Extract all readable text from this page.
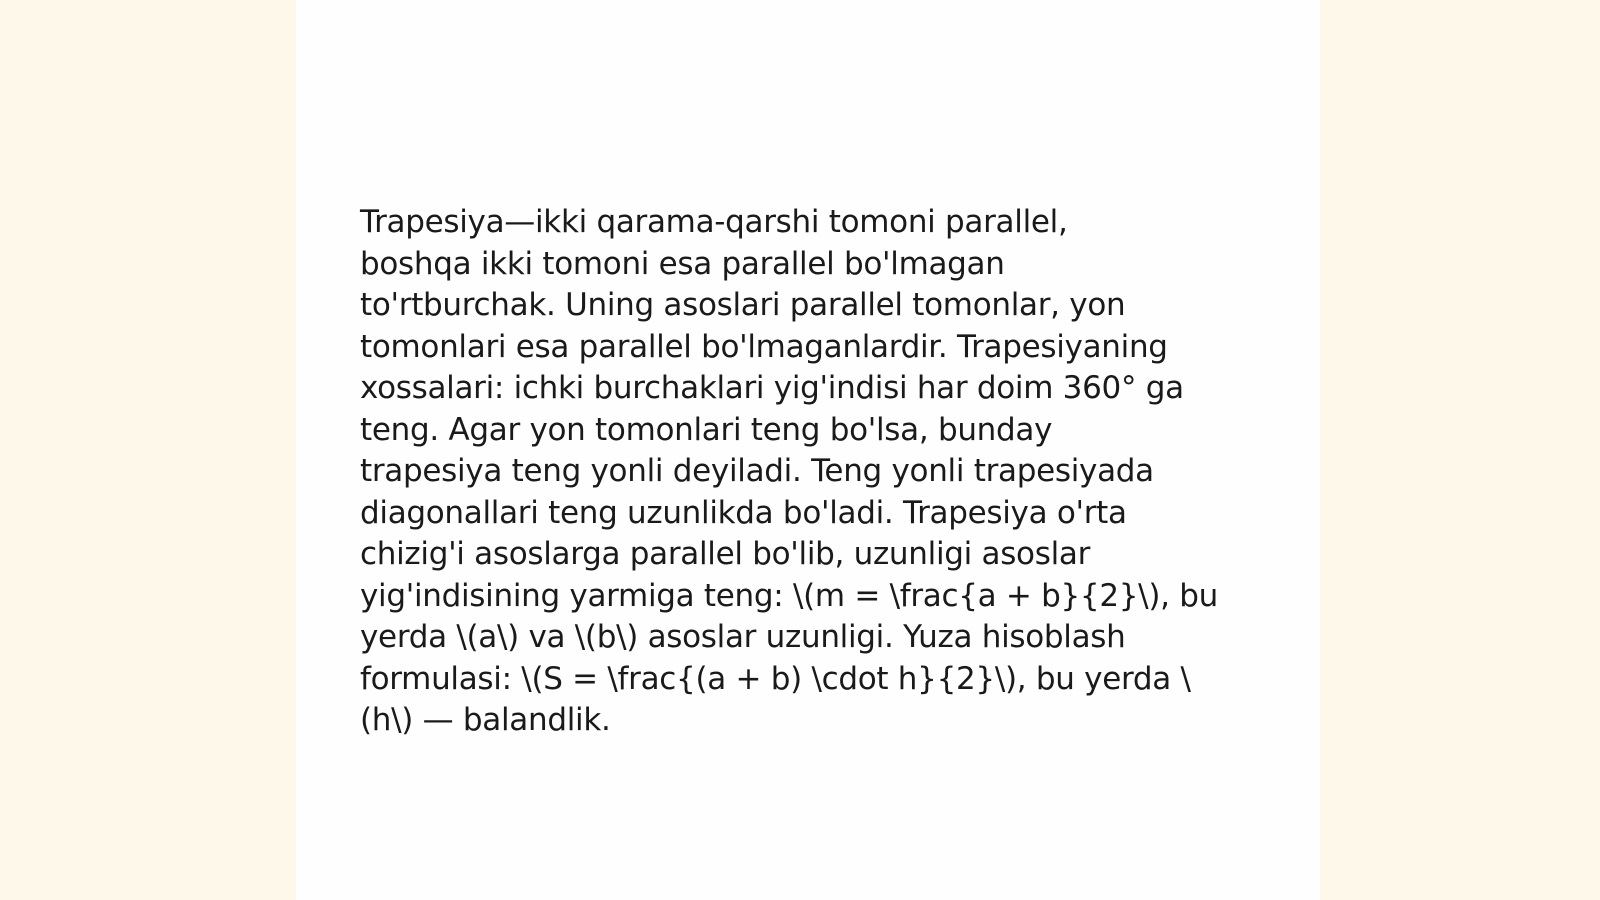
Trapesiya—ikki qarama-qarshi tomoni parallel,
boshqa ikki tomoni esa parallel bo'lmagan
to'rtburchak. Uning asoslari parallel tomonlar, yon
tomonlari esa parallel bo'lmaganlardir. Trapesiyaning
xossalari: ichki burchaklari yig'indisi har doim 360° ga
teng. Agar yon tomonlari teng bo'lsa, bunday
trapesiya teng yonli deyiladi. Teng yonli trapesiyada
diagonallari teng uzunlikda bo'ladi. Trapesiya o'rta
chizig'i asoslarga parallel bo'lib, uzunligi asoslar
yig'indisining yarmiga teng: \(m = \frac{a + b}{2}\), bu
yerda \(a\) va \(b\) asoslar uzunligi. Yuza hisoblash
formulasi: \(S = \frac{(a + b) \cdot h}{2}\), bu yerda \
(h\) — balandlik.
